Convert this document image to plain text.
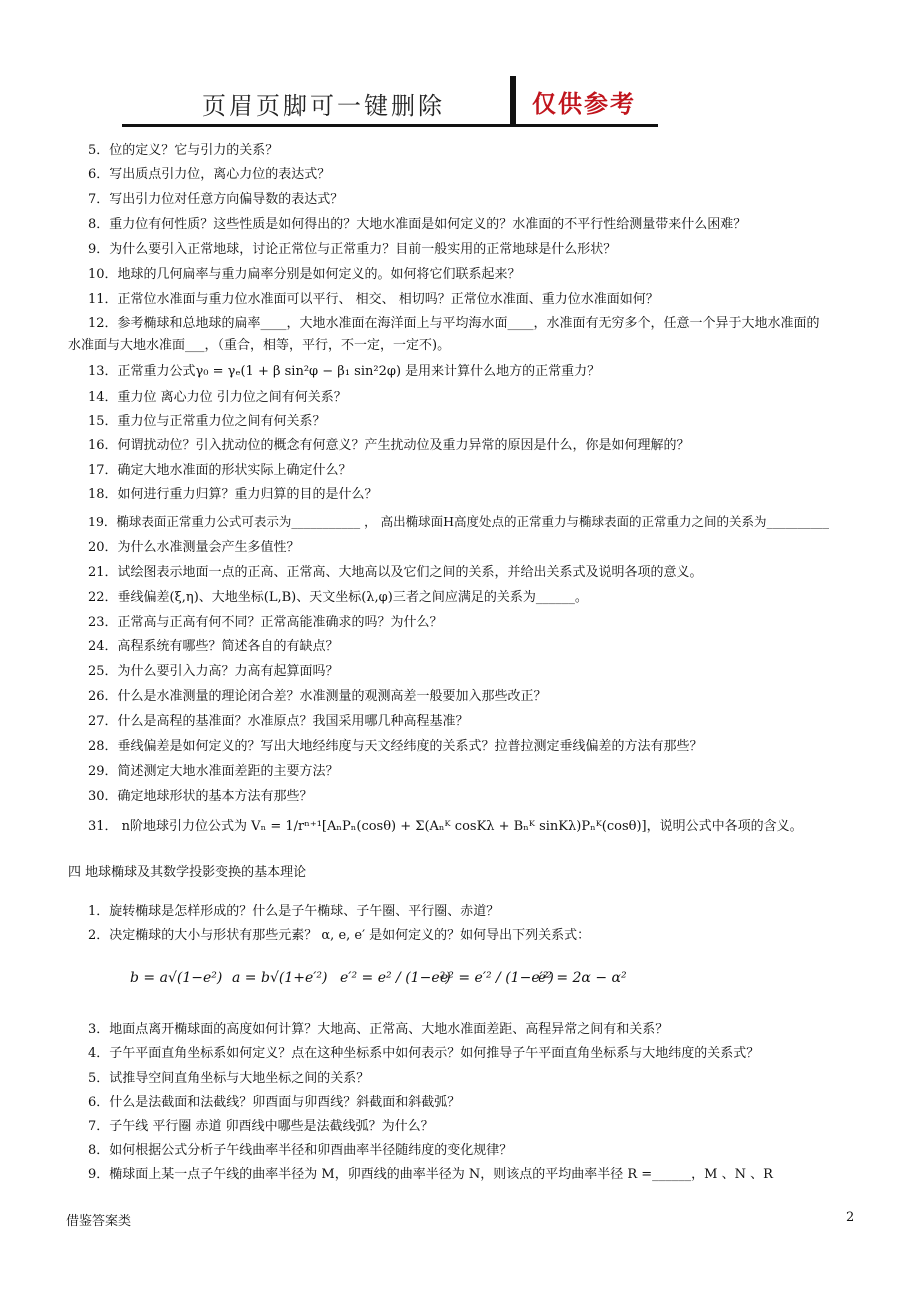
页眉页脚可一键删除	仅供参考
5．位的定义？它与引力的关系？
6．写出质点引力位，离心力位的表达式？
7．写出引力位对任意方向偏导数的表达式？
8．重力位有何性质？这些性质是如何得出的？大地水准面是如何定义的？水准面的不平行性给测量带来什么困难？
9．为什么要引入正常地球，讨论正常位与正常重力？目前一般实用的正常地球是什么形状？
10．地球的几何扁率与重力扁率分别是如何定义的。如何将它们联系起来？
11．正常位水准面与重力位水准面可以平行、 相交、 相切吗？正常位水准面、重力位水准面如何？
12．参考椭球和总地球的扁率____，大地水准面在海洋面上与平均海水面____，水准面有无穷多个，任意一个异于大地水准面的
水准面与大地水准面___，（重合，相等，平行，不一定，一定不)。
13．正常重力公式γ₀ = γₑ(1 + β sin²φ − β₁ sin²2φ) 是用来计算什么地方的正常重力？
14．重力位 离心力位 引力位之间有何关系？
15．重力位与正常重力位之间有何关系？
16．何谓扰动位？引入扰动位的概念有何意义？产生扰动位及重力异常的原因是什么，你是如何理解的？
17．确定大地水准面的形状实际上确定什么？
18．如何进行重力归算？重力归算的目的是什么？
19．椭球表面正常重力公式可表示为___________ ， 高出椭球面H高度处点的正常重力与椭球表面的正常重力之间的关系为__________
20．为什么水准测量会产生多值性？
21．试绘图表示地面一点的正高、正常高、大地高以及它们之间的关系，并给出关系式及说明各项的意义。
22．垂线偏差(ξ,η)、大地坐标(L,B)、天文坐标(λ,φ)三者之间应满足的关系为______。
23．正常高与正高有何不同？正常高能准确求的吗？为什么？
24．高程系统有哪些？简述各自的有缺点？
25．为什么要引入力高？力高有起算面吗？
26．什么是水准测量的理论闭合差？水准测量的观测高差一般要加入那些改正？
27．什么是高程的基准面？水准原点？我国采用哪几种高程基准？
28．垂线偏差是如何定义的？写出大地经纬度与天文经纬度的关系式？拉普拉测定垂线偏差的方法有那些？
29．简述测定大地水准面差距的主要方法？
30．确定地球形状的基本方法有那些？
31． n阶地球引力位公式为 Vₙ = 1/rⁿ⁺¹[AₙPₙ(cosθ) + Σ(Aₙᴷ cosKλ + Bₙᴷ sinKλ)Pₙᴷ(cosθ)]，说明公式中各项的含义。
四 地球椭球及其数学投影变换的基本理论
1．旋转椭球是怎样形成的？什么是子午椭球、子午圈、平行圈、赤道？
2．决定椭球的大小与形状有那些元素？ α, e, e′ 是如何定义的？如何导出下列关系式：
b = a√(1−e²) a = b√(1+e′²) e′² = e² / (1−e²)
e² = e′² / (1−e′²)
e² = 2α − α²
3．地面点离开椭球面的高度如何计算？大地高、正常高、大地水准面差距、高程异常之间有和关系？
4．子午平面直角坐标系如何定义？点在这种坐标系中如何表示？如何推导子午平面直角坐标系与大地纬度的关系式？
5．试推导空间直角坐标与大地坐标之间的关系？
6．什么是法截面和法截线？卯酉面与卯酉线？斜截面和斜截弧？
7．子午线 平行圈 赤道 卯酉线中哪些是法截线弧？为什么？
8．如何根据公式分析子午线曲率半径和卯酉曲率半径随纬度的变化规律？
9．椭球面上某一点子午线的曲率半径为 M，卯酉线的曲率半径为 N，则该点的平均曲率半径 R =______，M 、N 、R
借鉴答案类	2
